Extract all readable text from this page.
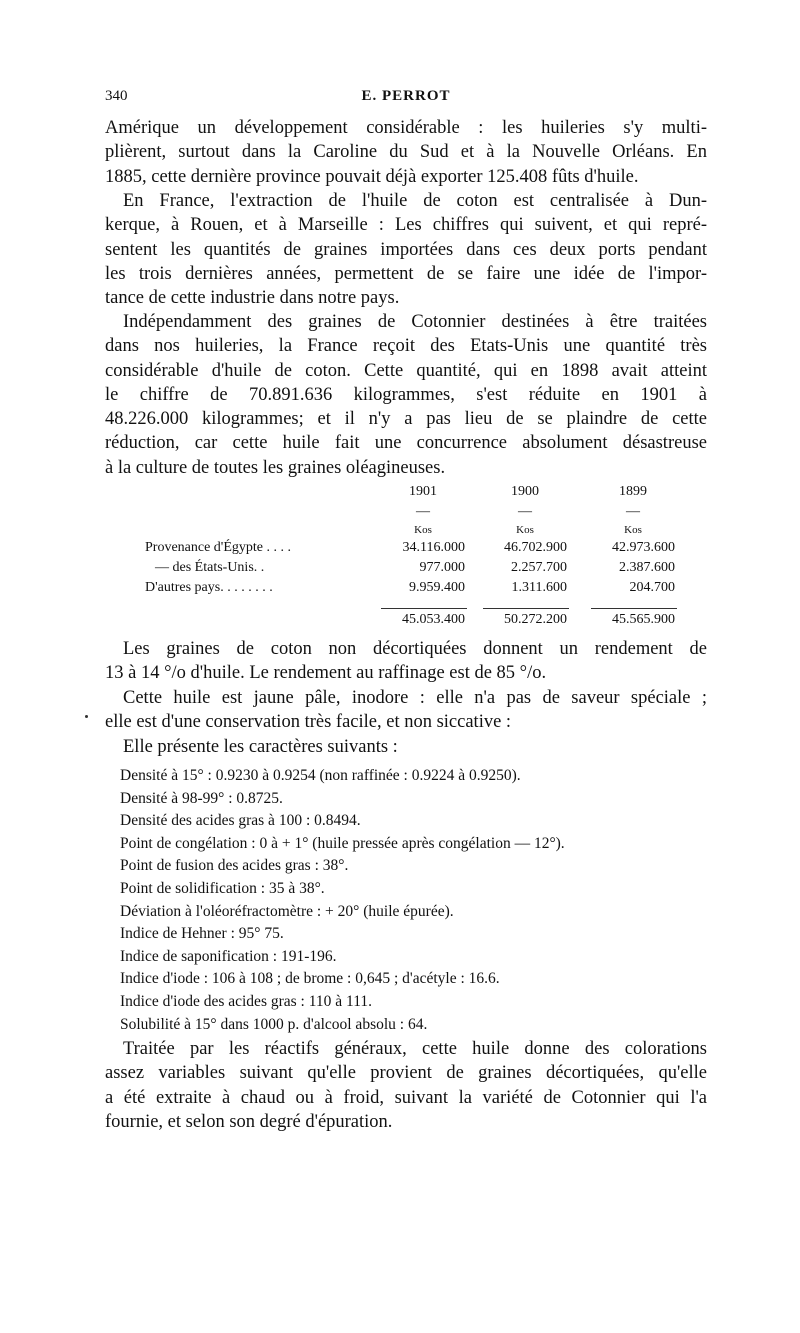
340	E. PERROT
Amérique un développement considérable : les huileries s'y multi-
plièrent, surtout dans la Caroline du Sud et à la Nouvelle Orléans. En
1885, cette dernière province pouvait déjà exporter 125.408 fûts d'huile.
En France, l'extraction de l'huile de coton est centralisée à Dun-
kerque, à Rouen, et à Marseille : Les chiffres qui suivent, et qui repré-
sentent les quantités de graines importées dans ces deux ports pendant
les trois dernières années, permettent de se faire une idée de l'impor-
tance de cette industrie dans notre pays.
Indépendamment des graines de Cotonnier destinées à être traitées
dans nos huileries, la France reçoit des Etats-Unis une quantité très
considérable d'huile de coton. Cette quantité, qui en 1898 avait atteint
le chiffre de 70.891.636 kilogrammes, s'est réduite en 1901 à
48.226.000 kilogrammes; et il n'y a pas lieu de se plaindre de cette
réduction, car cette huile fait une concurrence absolument désastreuse
à la culture de toutes les graines oléagineuses.
1901	1900	1899
—	—	—
Kos	Kos	Kos
Provenance d'Égypte . . . .	34.116.000	46.702.900	42.973.600
— des États-Unis. .	977.000	2.257.700	2.387.600
D'autres pays. . . . . . . .	9.959.400	1.311.600	204.700
45.053.400	50.272.200	45.565.900
Les graines de coton non décortiquées donnent un rendement de
13 à 14 °/o d'huile. Le rendement au raffinage est de 85 °/o.
Cette huile est jaune pâle, inodore : elle n'a pas de saveur spéciale ;
elle est d'une conservation très facile, et non siccative :
Elle présente les caractères suivants :
Densité à 15° : 0.9230 à 0.9254 (non raffinée : 0.9224 à 0.9250).
Densité à 98-99° : 0.8725.
Densité des acides gras à 100 : 0.8494.
Point de congélation : 0 à + 1° (huile pressée après congélation — 12°).
Point de fusion des acides gras : 38°.
Point de solidification : 35 à 38°.
Déviation à l'oléoréfractomètre : + 20° (huile épurée).
Indice de Hehner : 95° 75.
Indice de saponification : 191-196.
Indice d'iode : 106 à 108 ; de brome : 0,645 ; d'acétyle : 16.6.
Indice d'iode des acides gras : 110 à 111.
Solubilité à 15° dans 1000 p. d'alcool absolu : 64.
Traitée par les réactifs généraux, cette huile donne des colorations
assez variables suivant qu'elle provient de graines décortiquées, qu'elle
a été extraite à chaud ou à froid, suivant la variété de Cotonnier qui l'a
fournie, et selon son degré d'épuration.
